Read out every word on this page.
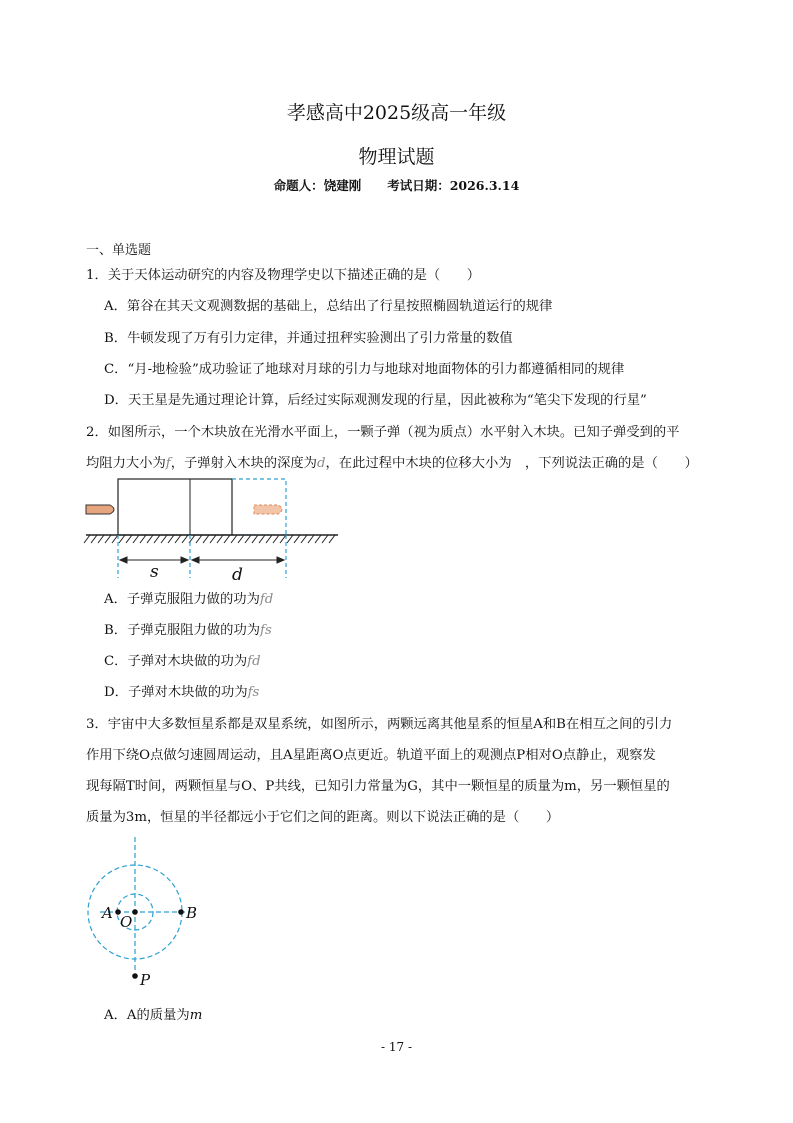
孝感高中2025级高一年级
物理试题
命题人：饶建刚 考试日期：2026.3.14
一、单选题
1．关于天体运动研究的内容及物理学史以下描述正确的是（　　）
A．第谷在其天文观测数据的基础上，总结出了行星按照椭圆轨道运行的规律
B．牛顿发现了万有引力定律，并通过扭秤实验测出了引力常量的数值
C．“月-地检验”成功验证了地球对月球的引力与地球对地面物体的引力都遵循相同的规律
D．天王星是先通过理论计算，后经过实际观测发现的行星，因此被称为“笔尖下发现的行星”
2．如图所示，一个木块放在光滑水平面上，一颗子弹（视为质点）水平射入木块。已知子弹受到的平
均阻力大小为f，子弹射入木块的深度为d，在此过程中木块的位移大小为　，下列说法正确的是（　　）
s	d
A．子弹克服阻力做的功为fd
B．子弹克服阻力做的功为fs
C．子弹对木块做的功为fd
D．子弹对木块做的功为fs
3．宇宙中大多数恒星系都是双星系统，如图所示，两颗远离其他星系的恒星A和B在相互之间的引力
作用下绕O点做匀速圆周运动，且A星距离O点更近。轨道平面上的观测点P相对O点静止，观察发
现每隔T时间，两颗恒星与O、P共线，已知引力常量为G，其中一颗恒星的质量为m，另一颗恒星的
质量为3m，恒星的半径都远小于它们之间的距离。则以下说法正确的是（　　）
A O	B
P
A．A的质量为m
- 17 -
